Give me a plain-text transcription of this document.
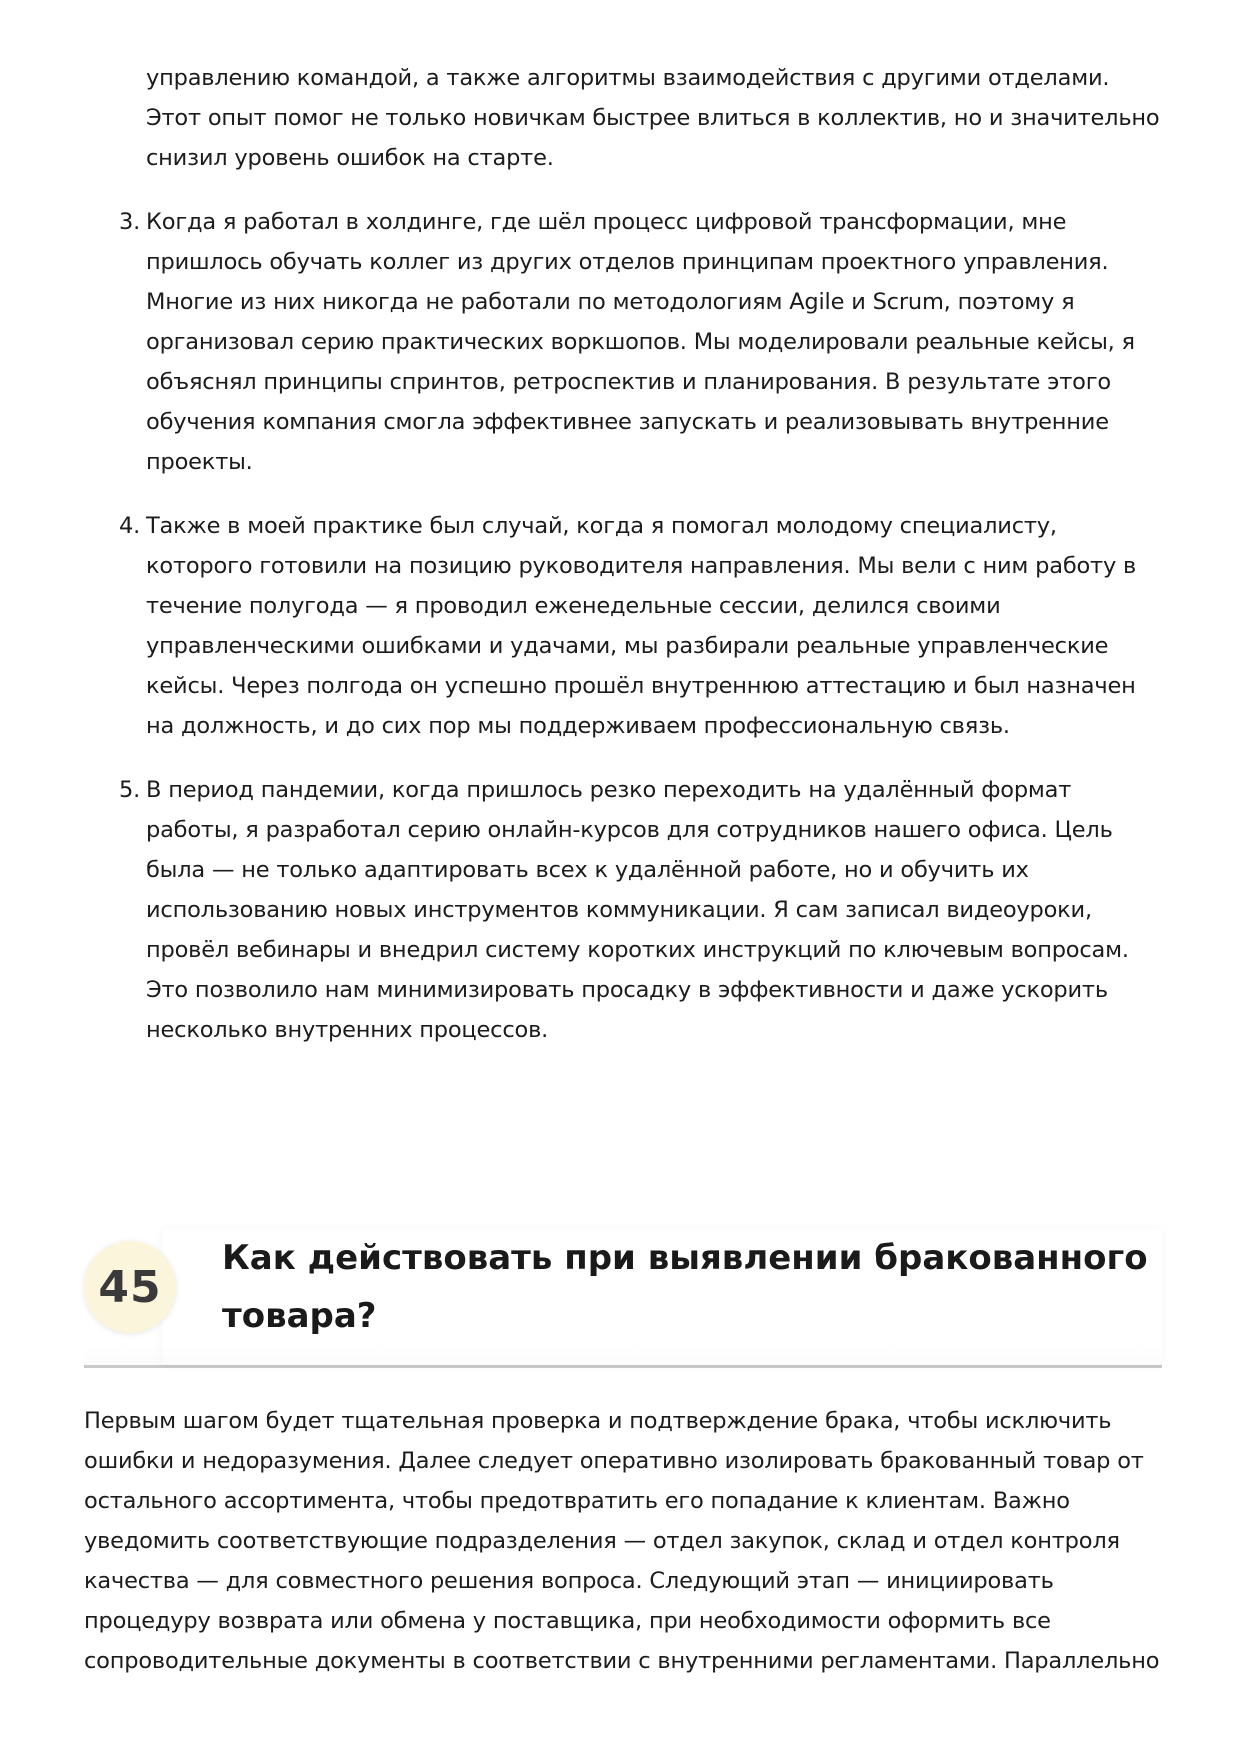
управлению командой, а также алгоритмы взаимодействия с другими отделами. Этот опыт помог не только новичкам быстрее влиться в коллектив, но и значительно снизил уровень ошибок на старте.
3. Когда я работал в холдинге, где шёл процесс цифровой трансформации, мне пришлось обучать коллег из других отделов принципам проектного управления. Многие из них никогда не работали по методологиям Agile и Scrum, поэтому я организовал серию практических воркшопов. Мы моделировали реальные кейсы, я объяснял принципы спринтов, ретроспектив и планирования. В результате этого обучения компания смогла эффективнее запускать и реализовывать внутренние проекты.
4. Также в моей практике был случай, когда я помогал молодому специалисту, которого готовили на позицию руководителя направления. Мы вели с ним работу в течение полугода — я проводил еженедельные сессии, делился своими управленческими ошибками и удачами, мы разбирали реальные управленческие кейсы. Через полгода он успешно прошёл внутреннюю аттестацию и был назначен на должность, и до сих пор мы поддерживаем профессиональную связь.
5. В период пандемии, когда пришлось резко переходить на удалённый формат работы, я разработал серию онлайн-курсов для сотрудников нашего офиса. Цель была — не только адаптировать всех к удалённой работе, но и обучить их использованию новых инструментов коммуникации. Я сам записал видеоуроки, провёл вебинары и внедрил систему коротких инструкций по ключевым вопросам. Это позволило нам минимизировать просадку в эффективности и даже ускорить несколько внутренних процессов.
45
Как действовать при выявлении бракованного товара?

Первым шагом будет тщательная проверка и подтверждение брака, чтобы исключить ошибки и недоразумения. Далее следует оперативно изолировать бракованный товар от остального ассортимента, чтобы предотвратить его попадание к клиентам. Важно уведомить соответствующие подразделения — отдел закупок, склад и отдел контроля качества — для совместного решения вопроса. Следующий этап — инициировать процедуру возврата или обмена у поставщика, при необходимости оформить все сопроводительные документы в соответствии с внутренними регламентами. Параллельно
